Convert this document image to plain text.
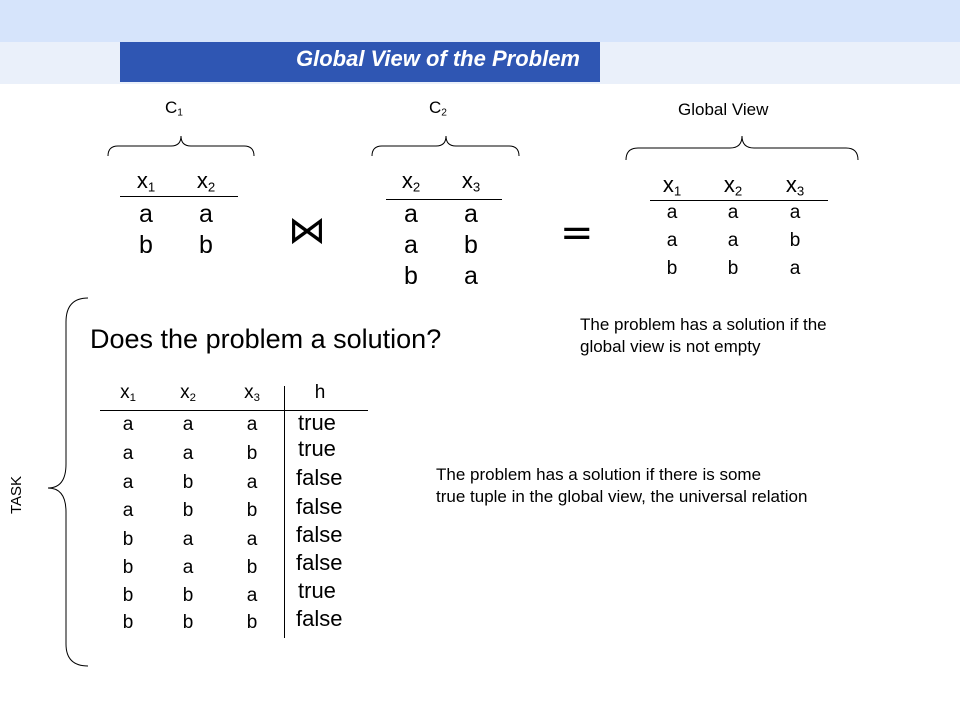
Global View of the Problem
$C_1$
$x_1$	$x_2$
a	a
b	b	⋈
$C_2$
$x_2$	$x_3$
a	a
a	b
b	a
=
Global View
$x_1$	$x_2$	$x_3$
a	a	a
a	a	b
b	b	a
Does the problem a solution?	The problem has a solution if the
global view is not empty
The problem has a solution if there is some
true tuple in the global view, the universal relation
TASK
$x_1$	$x_2$	$x_3$	h
a	a	a	true
a	a	b	true
a	b	a	false
a	b	b	false
b	a	a	false
b	a	b	false
b	b	a	true
b	b	b	false
